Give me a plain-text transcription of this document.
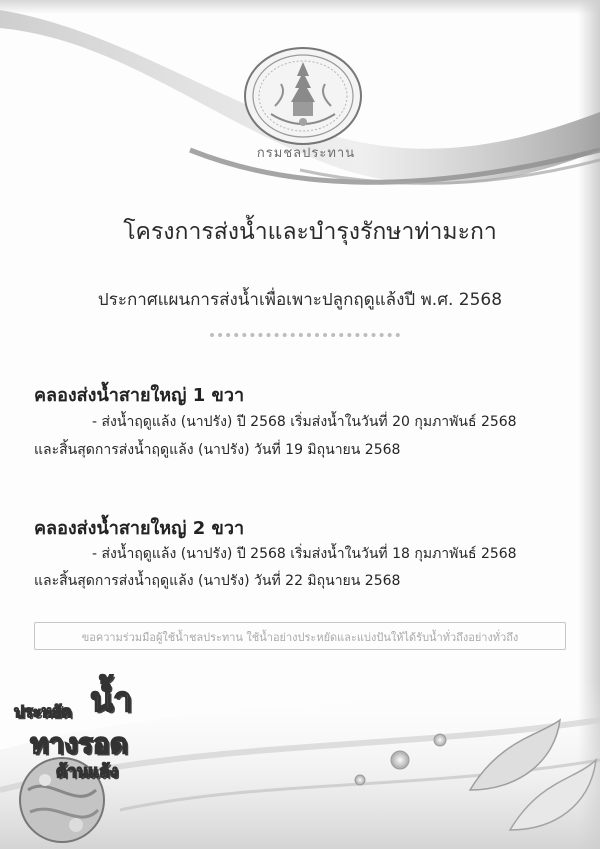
กรมชลประทาน
โครงการส่งน้ำและบำรุงรักษาท่ามะกา
ประกาศแผนการส่งน้ำเพื่อเพาะปลูกฤดูแล้งปี พ.ศ. 2568
คลองส่งน้ำสายใหญ่ 1 ขวา
- ส่งน้ำฤดูแล้ง (นาปรัง) ปี 2568 เริ่มส่งน้ำในวันที่ 20 กุมภาพันธ์ 2568
และสิ้นสุดการส่งน้ำฤดูแล้ง (นาปรัง) วันที่ 19 มิถุนายน 2568
คลองส่งน้ำสายใหญ่ 2 ขวา
- ส่งน้ำฤดูแล้ง (นาปรัง) ปี 2568 เริ่มส่งน้ำในวันที่ 18 กุมภาพันธ์ 2568
และสิ้นสุดการส่งน้ำฤดูแล้ง (นาปรัง) วันที่ 22 มิถุนายน 2568
ขอความร่วมมือผู้ใช้น้ำชลประทาน ใช้น้ำอย่างประหยัดและแบ่งปันให้ได้รับน้ำทั่วถึงอย่างทั่วถึง
ประหยัด น้ำ
ทางรอด
ด้านแล้ง
